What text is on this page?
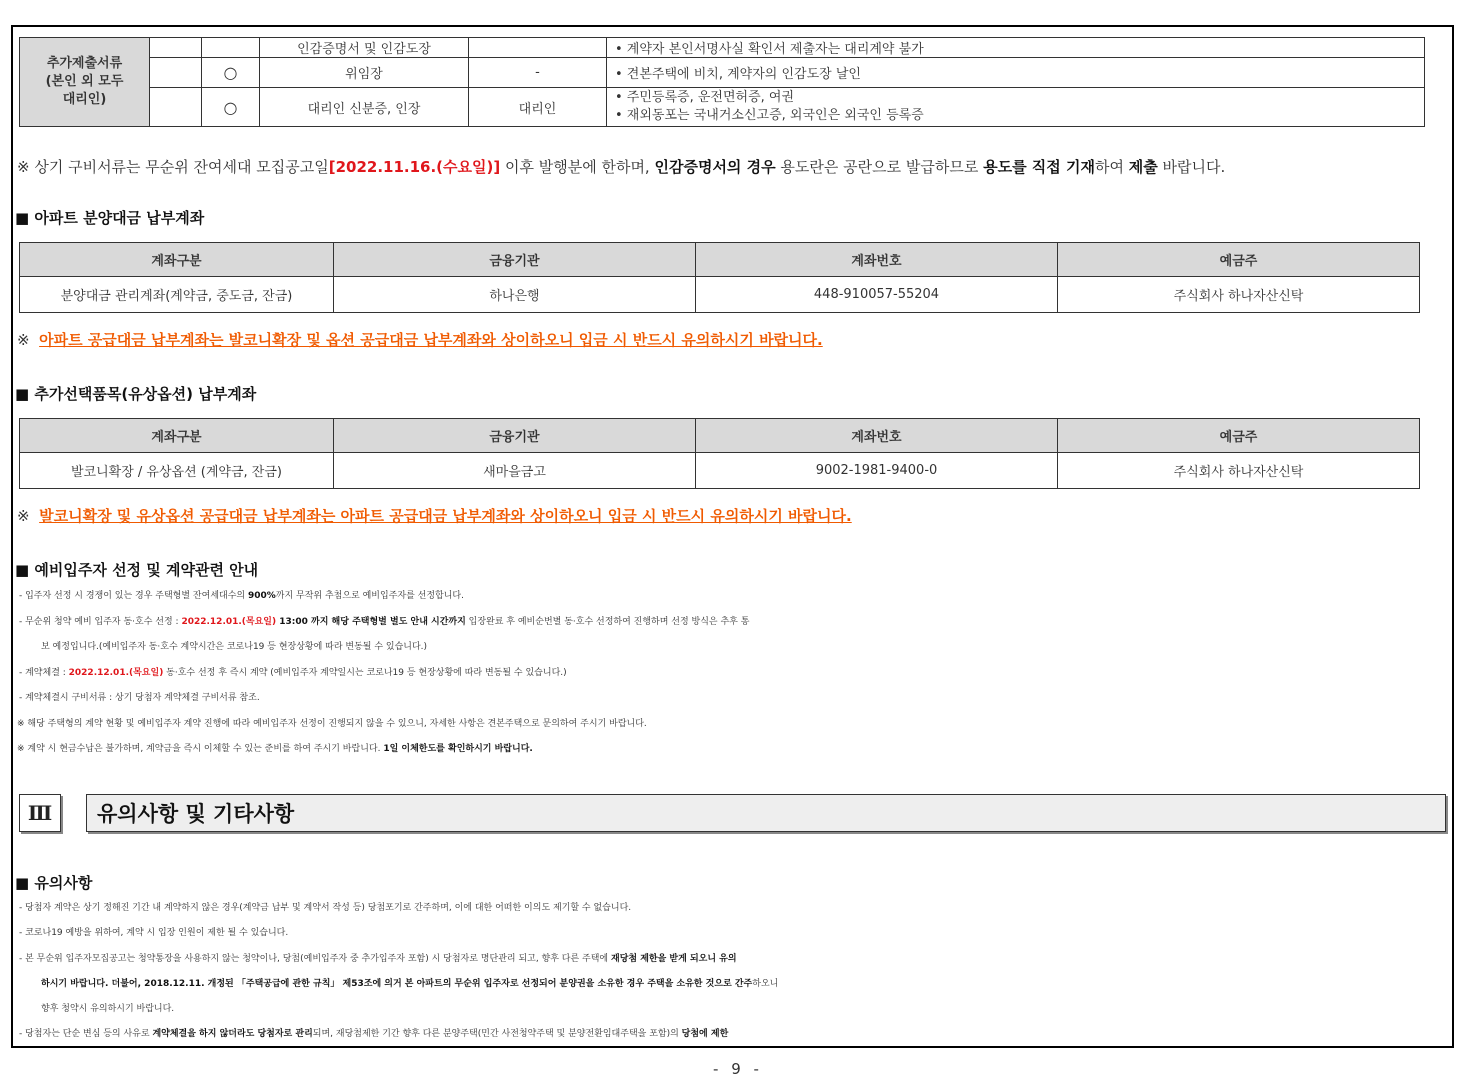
추가제출서류
(본인 외 모두
대리인)			인감증명서 및 인감도장		• 계약자 본인서명사실 확인서 제출자는 대리계약 불가
		○	위임장	-	• 견본주택에 비치, 계약자의 인감도장 날인
		○	대리인 신분증, 인장	대리인	• 주민등록증, 운전면허증, 여권
• 재외동포는 국내거소신고증, 외국인은 외국인 등록증
※ 상기 구비서류는 무순위 잔여세대 모집공고일[2022.11.16.(수요일)] 이후 발행분에 한하며, 인감증명서의 경우 용도란은 공란으로 발급하므로 용도를 직접 기재하여 제출 바랍니다.
■ 아파트 분양대금 납부계좌
계좌구분	금융기관	계좌번호	예금주
분양대금 관리계좌(계약금, 중도금, 잔금)	하나은행	448-910057-55204	주식회사 하나자산신탁
※ 아파트 공급대금 납부계좌는 발코니확장 및 옵션 공급대금 납부계좌와 상이하오니 입금 시 반드시 유의하시기 바랍니다.
■ 추가선택품목(유상옵션) 납부계좌
계좌구분	금융기관	계좌번호	예금주
발코니확장 / 유상옵션 (계약금, 잔금)	새마을금고	9002-1981-9400-0	주식회사 하나자산신탁
※ 발코니확장 및 유상옵션 공급대금 납부계좌는 아파트 공급대금 납부계좌와 상이하오니 입금 시 반드시 유의하시기 바랍니다.
■ 예비입주자 선정 및 계약관련 안내
- 입주자 선정 시 경쟁이 있는 경우 주택형별 잔여세대수의 900%까지 무작위 추첨으로 예비입주자를 선정합니다.
- 무순위 청약 예비 입주자 동·호수 선정 : 2022.12.01.(목요일) 13:00 까지 해당 주택형별 별도 안내 시간까지 입장완료 후 예비순번별 동·호수 선정하여 진행하며 선정 방식은 추후 통
보 예정입니다.(예비입주자 동·호수 계약시간은 코로나19 등 현장상황에 따라 변동될 수 있습니다.)
- 계약체결 : 2022.12.01.(목요일) 동·호수 선정 후 즉시 계약 (예비입주자 계약일시는 코로나19 등 현장상황에 따라 변동될 수 있습니다.)
- 계약체결시 구비서류 : 상기 당첨자 계약체결 구비서류 참조.
※ 해당 주택형의 계약 현황 및 예비입주자 계약 진행에 따라 예비입주자 선정이 진행되지 않을 수 있으니, 자세한 사항은 견본주택으로 문의하여 주시기 바랍니다.
※ 계약 시 현금수납은 불가하며, 계약금을 즉시 이체할 수 있는 준비를 하여 주시기 바랍니다. 1일 이체한도를 확인하시기 바랍니다.
Ⅲ 유의사항 및 기타사항
■ 유의사항
- 당첨자 계약은 상기 정해진 기간 내 계약하지 않은 경우(계약금 납부 및 계약서 작성 등) 당첨포기로 간주하며, 이에 대한 어떠한 이의도 제기할 수 없습니다.
- 코로나19 예방을 위하여, 계약 시 입장 인원이 제한 될 수 있습니다.
- 본 무순위 입주자모집공고는 청약통장을 사용하지 않는 청약이나, 당첨(예비입주자 중 추가입주자 포함) 시 당첨자로 명단관리 되고, 향후 다른 주택에 재당첨 제한을 받게 되오니 유의
하시기 바랍니다. 더불어, 2018.12.11. 개정된 「주택공급에 관한 규칙」 제53조에 의거 본 아파트의 무순위 입주자로 선정되어 분양권을 소유한 경우 주택을 소유한 것으로 간주하오니
향후 청약시 유의하시기 바랍니다.
- 당첨자는 단순 변심 등의 사유로 계약체결을 하지 않더라도 당첨자로 관리되며, 재당첨제한 기간 향후 다른 분양주택(민간 사전청약주택 및 분양전환임대주택을 포함)의 당첨에 제한
- 9 -
